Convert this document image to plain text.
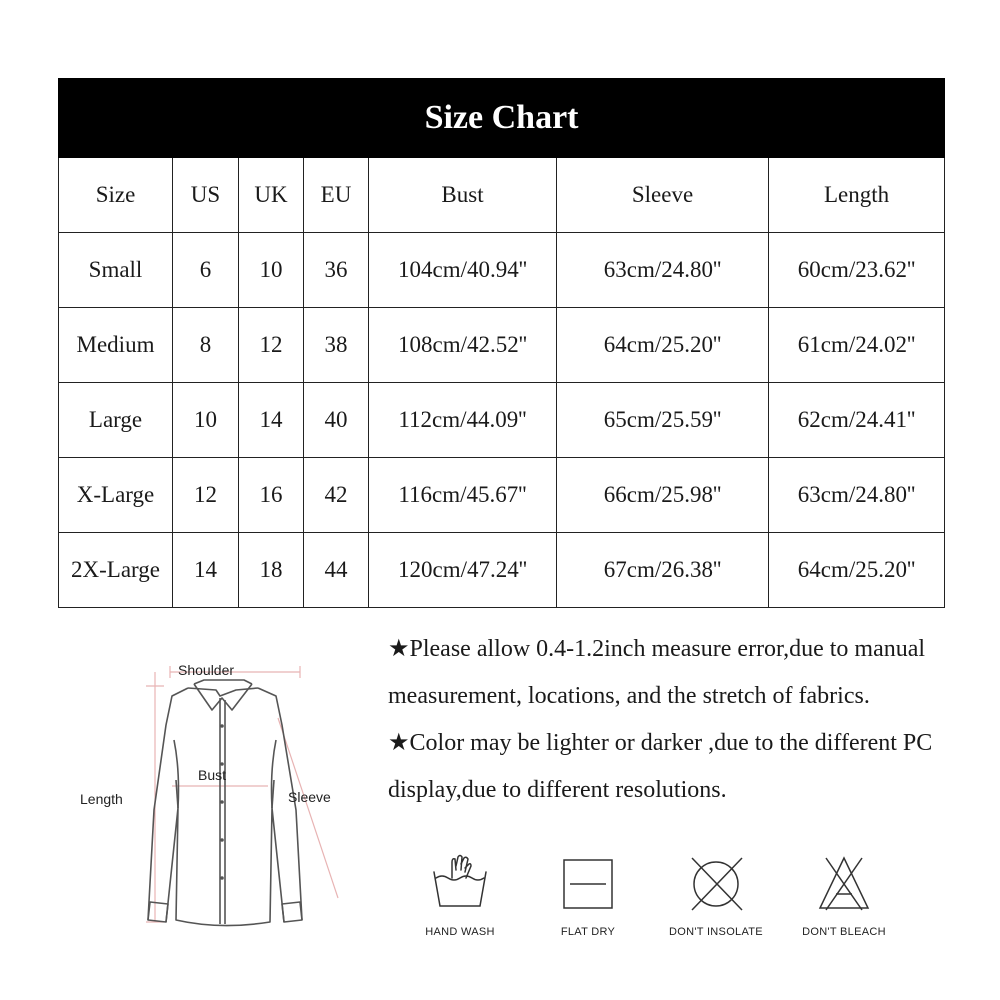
Size Chart						
Size	US	UK	EU	Bust	Sleeve	Length
Small	6	10	36	104cm/40.94''	63cm/24.80''	60cm/23.62''
Medium	8	12	38	108cm/42.52''	64cm/25.20''	61cm/24.02''
Large	10	14	40	112cm/44.09''	65cm/25.59''	62cm/24.41''
X-Large	12	16	42	116cm/45.67''	66cm/25.98''	63cm/24.80''
2X-Large	14	18	44	120cm/47.24''	67cm/26.38''	64cm/25.20''
Shoulder
Bust
Length	Sleeve

★Please allow 0.4-1.2inch measure error,due to manual measurement, locations, and the stretch of fabrics.

★Color may be lighter or darker ,due to the different PC display,due to different resolutions.

HAND WASH	FLAT DRY	DON'T INSOLATE	DON'T BLEACH
